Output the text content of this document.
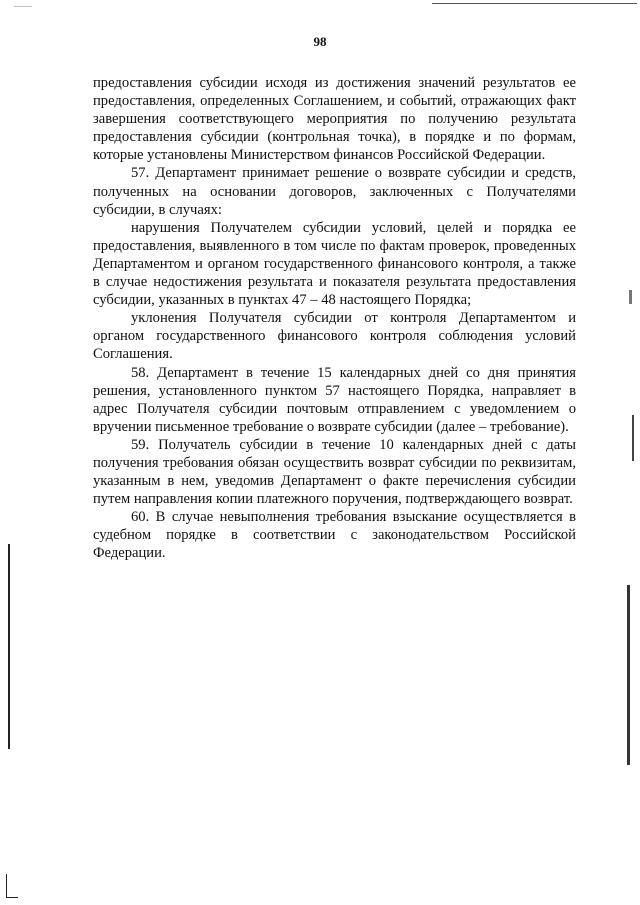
98

предоставления субсидии исходя из достижения значений результатов ее предоставления, определенных Соглашением, и событий, отражающих факт завершения соответствующего мероприятия по получению результата предоставления субсидии (контрольная точка), в порядке и по формам, которые установлены Министерством финансов Российской Федерации.

57. Департамент принимает решение о возврате субсидии и средств, полученных на основании договоров, заключенных с Получателями субсидии, в случаях:

нарушения Получателем субсидии условий, целей и порядка ее предоставления, выявленного в том числе по фактам проверок, проведенных Департаментом и органом государственного финансового контроля, а также в случае недостижения результата и показателя результата предоставления субсидии, указанных в пунктах 47 – 48 настоящего Порядка;

уклонения Получателя субсидии от контроля Департаментом и органом государственного финансового контроля соблюдения условий Соглашения.

58. Департамент в течение 15 календарных дней со дня принятия решения, установленного пунктом 57 настоящего Порядка, направляет в адрес Получателя субсидии почтовым отправлением с уведомлением о вручении письменное требование о возврате субсидии (далее – требование).

59. Получатель субсидии в течение 10 календарных дней с даты получения требования обязан осуществить возврат субсидии по реквизитам, указанным в нем, уведомив Департамент о факте перечисления субсидии путем направления копии платежного поручения, подтверждающего возврат.

60. В случае невыполнения требования взыскание осуществляется в судебном порядке в соответствии с законодательством Российской Федерации.
